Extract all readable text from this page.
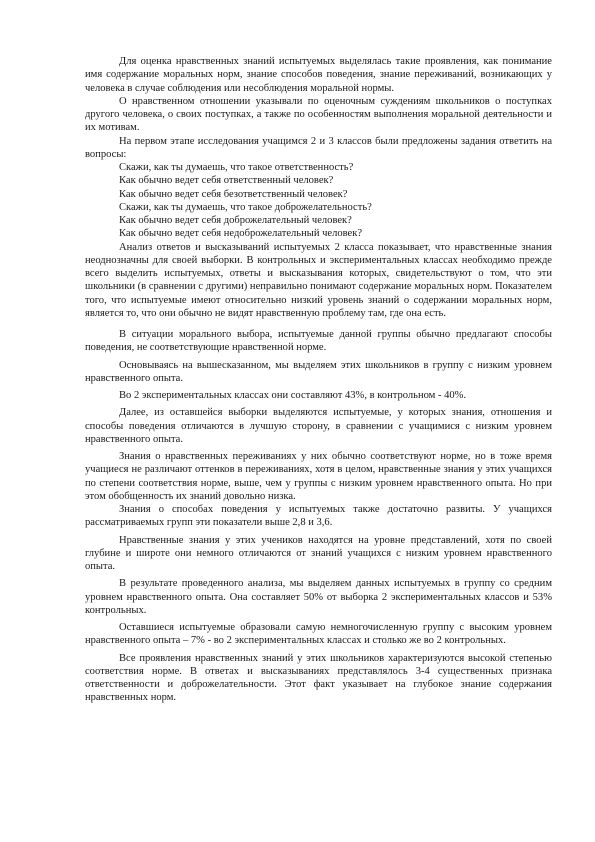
Для оценка нравственных знаний испытуемых выделялась такие проявления, как понимание имя содержание моральных норм, знание способов поведения, знание переживаний, возникающих у человека в случае соблюдения или несоблюдения моральной нормы.

О нравственном отношении указывали по оценочным суждениям школьников о поступках другого человека, о своих поступках, а также по особенностям выполнения моральной деятельности и их мотивам.

На первом этапе исследования учащимся 2 и 3 классов были предложены задания ответить на вопросы:

Скажи, как ты думаешь, что такое ответственность?

Как обычно ведет себя ответственный человек?

Как обычно ведет себя безответственный человек?

Скажи, как ты думаешь, что такое доброжелательность?

Как обычно ведет себя доброжелательный человек?

Как обычно ведет себя недоброжелательный человек?

Анализ ответов и высказываний испытуемых 2 класса показывает, что нравственные знания неоднозначны для своей выборки. В контрольных и экспериментальных классах необходимо прежде всего выделить испытуемых, ответы и высказывания которых, свидетельствуют о том, что эти школьники (в сравнении с другими) неправильно понимают содержание моральных норм. Показателем того, что испытуемые имеют относительно низкий уровень знаний о содержании моральных норм, является то, что они обычно не видят нравственную проблему там, где она есть.

В ситуации морального выбора, испытуемые данной группы обычно предлагают способы поведения, не соответствующие нравственной норме.

Основываясь на вышесказанном, мы выделяем этих школьников в группу с низким уровнем нравственного опыта.

Во 2 экспериментальных классах они составляют 43%, в контрольном - 40%.

Далее, из оставшейся выборки выделяются испытуемые, у которых знания, отношения и способы поведения отличаются в лучшую сторону, в сравнении с учащимися с низким уровнем нравственного опыта.

Знания о нравственных переживаниях у них обычно соответствуют норме, но в тоже время учащиеся не различают оттенков в переживаниях, хотя в целом, нравственные знания у этих учащихся по степени соответствия норме, выше, чем у группы с низким уровнем нравственного опыта. Но при этом обобщенность их знаний довольно низка.

Знания о способах поведения у испытуемых также достаточно развиты. У учащихся рассматриваемых групп эти показатели выше 2,8 и 3,6.

Нравственные знания у этих учеников находятся на уровне представлений, хотя по своей глубине и широте они немного отличаются от знаний учащихся с низким уровнем нравственного опыта.

В результате проведенного анализа, мы выделяем данных испытуемых в группу со средним уровнем нравственного опыта. Она составляет 50% от выборка 2 экспериментальных классов и 53% контрольных.

Оставшиеся испытуемые образовали самую немногочисленную группу с высоким уровнем нравственного опыта – 7% - во 2 экспериментальных классах и столько же во 2 контрольных.

Все проявления нравственных знаний у этих школьников характеризуются высокой степенью соответствия норме. В ответах и высказываниях представлялось 3-4 существенных признака ответственности и доброжелательности. Этот факт указывает на глубокое знание содержания нравственных норм.
